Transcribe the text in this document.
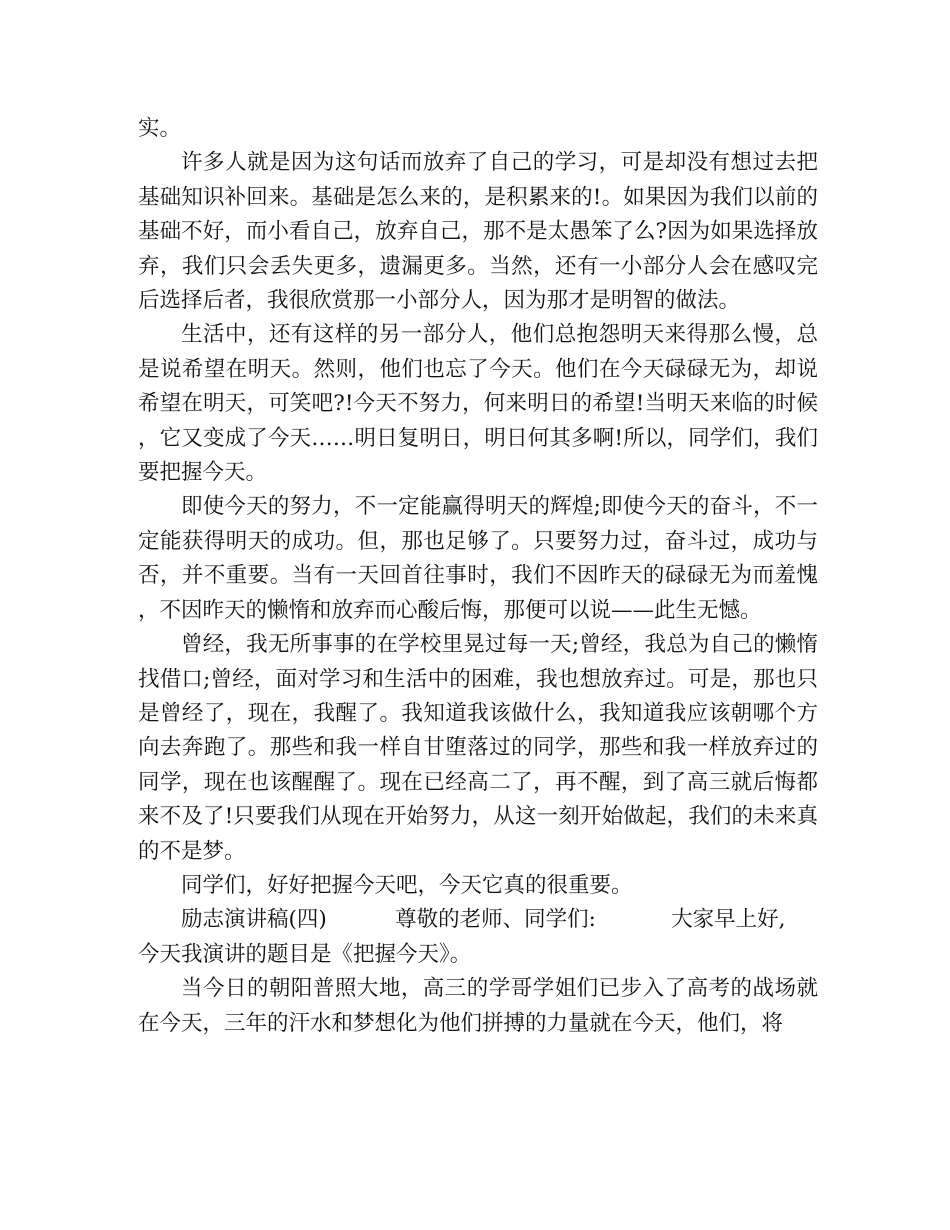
实。

许多人就是因为这句话而放弃了自己的学习，可是却没有想过去把基础知识补回来。基础是怎么来的，是积累来的!。如果因为我们以前的基础不好，而小看自己，放弃自己，那不是太愚笨了么?因为如果选择放弃，我们只会丢失更多，遗漏更多。当然，还有一小部分人会在感叹完后选择后者，我很欣赏那一小部分人，因为那才是明智的做法。

生活中，还有这样的另一部分人，他们总抱怨明天来得那么慢，总是说希望在明天。然则，他们也忘了今天。他们在今天碌碌无为，却说希望在明天，可笑吧?!今天不努力，何来明日的希望!当明天来临的时候，它又变成了今天……明日复明日，明日何其多啊!所以，同学们，我们要把握今天。

即使今天的努力，不一定能赢得明天的辉煌;即使今天的奋斗，不一定能获得明天的成功。但，那也足够了。只要努力过，奋斗过，成功与否，并不重要。当有一天回首往事时，我们不因昨天的碌碌无为而羞愧，不因昨天的懒惰和放弃而心酸后悔，那便可以说——此生无憾。

曾经，我无所事事的在学校里晃过每一天;曾经，我总为自己的懒惰找借口;曾经，面对学习和生活中的困难，我也想放弃过。可是，那也只是曾经了，现在，我醒了。我知道我该做什么，我知道我应该朝哪个方向去奔跑了。那些和我一样自甘堕落过的同学，那些和我一样放弃过的同学，现在也该醒醒了。现在已经高二了，再不醒，到了高三就后悔都来不及了!只要我们从现在开始努力，从这一刻开始做起，我们的未来真的不是梦。

同学们，好好把握今天吧，今天它真的很重要。

励志演讲稿(四)	尊敬的老师、同学们:	大家早上好,

今天我演讲的题目是《把握今天》。

当今日的朝阳普照大地，高三的学哥学姐们已步入了高考的战场就在今天，三年的汗水和梦想化为他们拼搏的力量就在今天，他们，将
